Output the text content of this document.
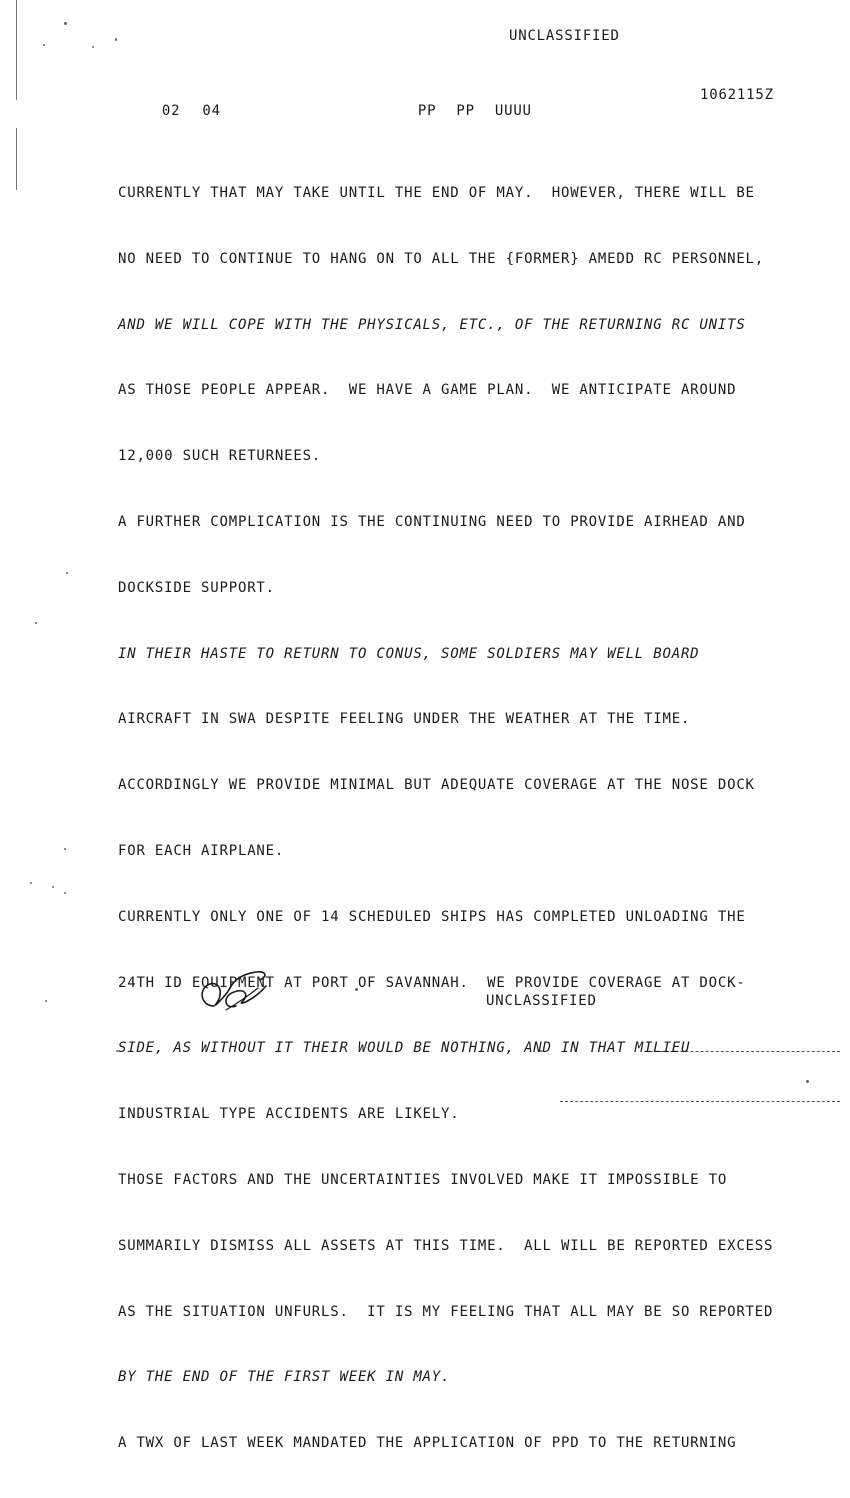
UNCLASSIFIED

02 04
	PP PP UUUU

1062115Z

CURRENTLY THAT MAY TAKE UNTIL THE END OF MAY.  HOWEVER, THERE WILL BE

NO NEED TO CONTINUE TO HANG ON TO ALL THE {FORMER} AMEDD RC PERSONNEL,

AND WE WILL COPE WITH THE PHYSICALS, ETC., OF THE RETURNING RC UNITS

AS THOSE PEOPLE APPEAR.  WE HAVE A GAME PLAN.  WE ANTICIPATE AROUND

12,000 SUCH RETURNEES.

A FURTHER COMPLICATION IS THE CONTINUING NEED TO PROVIDE AIRHEAD AND

DOCKSIDE SUPPORT.

IN THEIR HASTE TO RETURN TO CONUS, SOME SOLDIERS MAY WELL BOARD

AIRCRAFT IN SWA DESPITE FEELING UNDER THE WEATHER AT THE TIME.

ACCORDINGLY WE PROVIDE MINIMAL BUT ADEQUATE COVERAGE AT THE NOSE DOCK

FOR EACH AIRPLANE.

CURRENTLY ONLY ONE OF 14 SCHEDULED SHIPS HAS COMPLETED UNLOADING THE

24TH ID EQUIPMENT AT PORT OF SAVANNAH.  WE PROVIDE COVERAGE AT DOCK-

SIDE, AS WITHOUT IT THEIR WOULD BE NOTHING, AND IN THAT MILIEU

INDUSTRIAL TYPE ACCIDENTS ARE LIKELY.

THOSE FACTORS AND THE UNCERTAINTIES INVOLVED MAKE IT IMPOSSIBLE TO

SUMMARILY DISMISS ALL ASSETS AT THIS TIME.  ALL WILL BE REPORTED EXCESS

AS THE SITUATION UNFURLS.  IT IS MY FEELING THAT ALL MAY BE SO REPORTED

BY THE END OF THE FIRST WEEK IN MAY.

A TWX OF LAST WEEK MANDATED THE APPLICATION OF PPD TO THE RETURNING

UNCLASSIFIED
